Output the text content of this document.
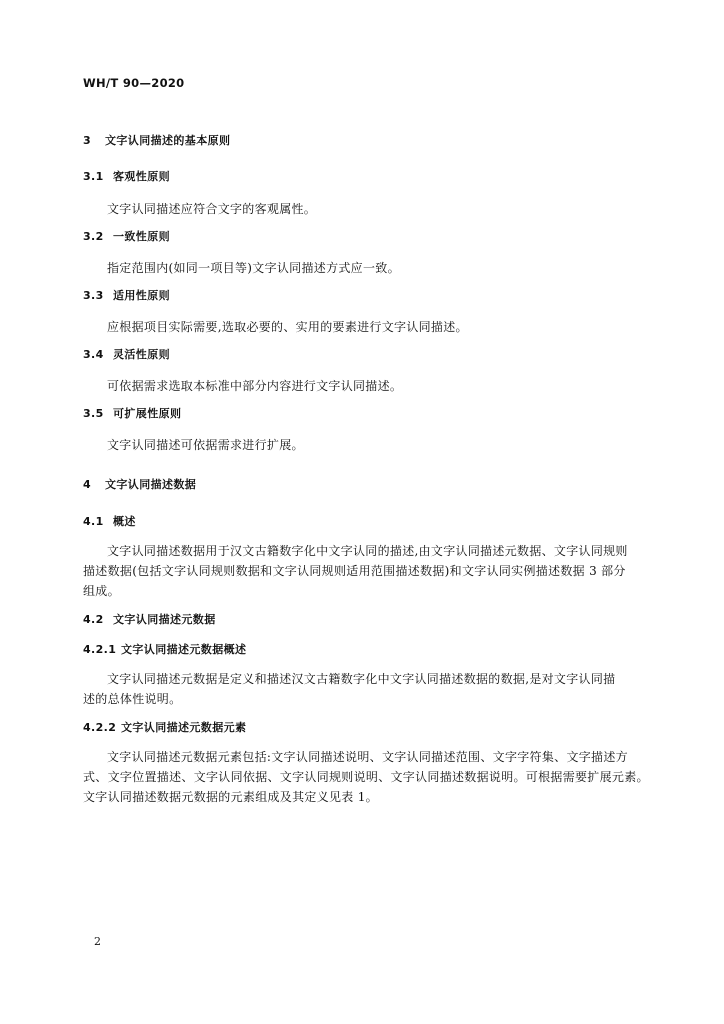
WH/T 90—2020
3 文字认同描述的基本原则
3.1 客观性原则
文字认同描述应符合文字的客观属性。
3.2 一致性原则
指定范围内(如同一项目等)文字认同描述方式应一致。
3.3 适用性原则
应根据项目实际需要,选取必要的、实用的要素进行文字认同描述。
3.4 灵活性原则
可依据需求选取本标准中部分内容进行文字认同描述。
3.5 可扩展性原则
文字认同描述可依据需求进行扩展。
4 文字认同描述数据
4.1 概述
文字认同描述数据用于汉文古籍数字化中文字认同的描述,由文字认同描述元数据、文字认同规则
描述数据(包括文字认同规则数据和文字认同规则适用范围描述数据)和文字认同实例描述数据 3 部分
组成。
4.2 文字认同描述元数据
4.2.1 文字认同描述元数据概述
文字认同描述元数据是定义和描述汉文古籍数字化中文字认同描述数据的数据,是对文字认同描
述的总体性说明。
4.2.2 文字认同描述元数据元素
文字认同描述元数据元素包括:文字认同描述说明、文字认同描述范围、文字字符集、文字描述方
式、文字位置描述、文字认同依据、文字认同规则说明、文字认同描述数据说明。可根据需要扩展元素。
文字认同描述数据元数据的元素组成及其定义见表 1。
2
